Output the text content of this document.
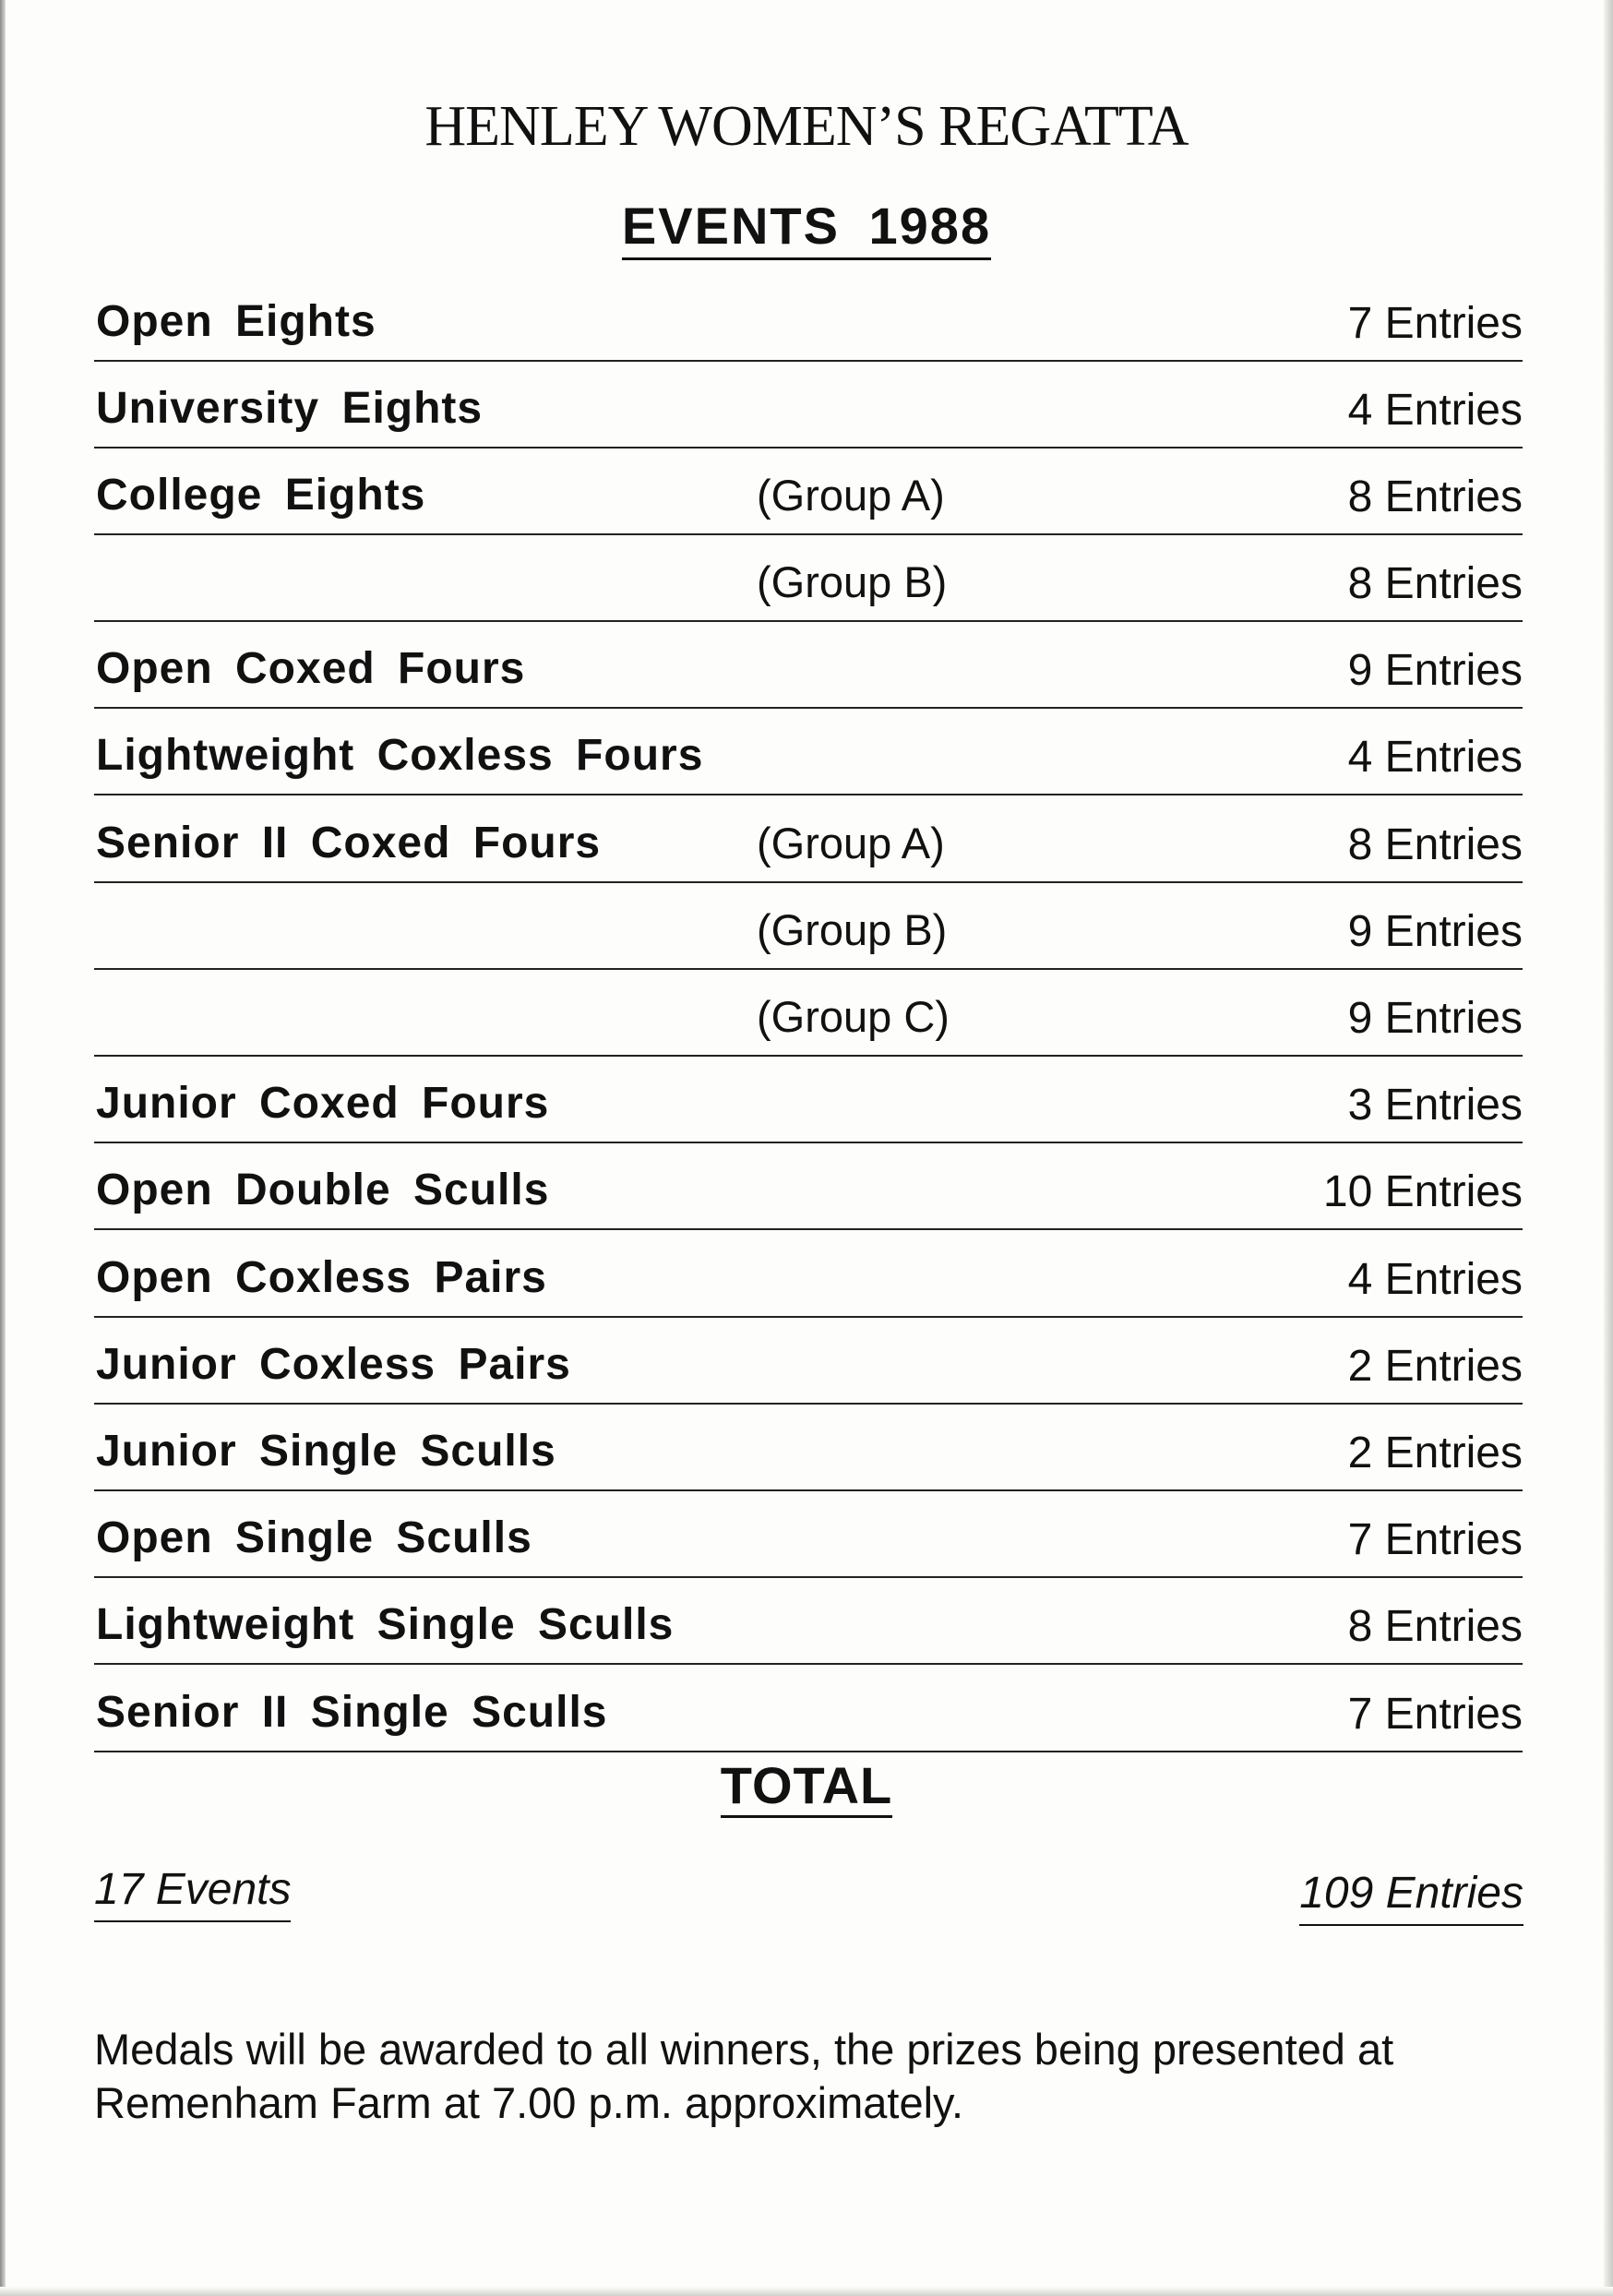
HENLEY WOMEN’S REGATTA
EVENTS 1988
Open Eights	7 Entries
University Eights	4 Entries
College Eights	(Group A)	8 Entries
(Group B)	8 Entries
Open Coxed Fours	9 Entries
Lightweight Coxless Fours	4 Entries
Senior II Coxed Fours	(Group A)	8 Entries
(Group B)	9 Entries
(Group C)	9 Entries
Junior Coxed Fours	3 Entries
Open Double Sculls	10 Entries
Open Coxless Pairs	4 Entries
Junior Coxless Pairs	2 Entries
Junior Single Sculls	2 Entries
Open Single Sculls	7 Entries
Lightweight Single Sculls	8 Entries
Senior II Single Sculls	7 Entries
TOTAL
17 Events	109 Entries
Medals will be awarded to all winners, the prizes being presented at Remenham Farm at 7.00 p.m. approximately.
